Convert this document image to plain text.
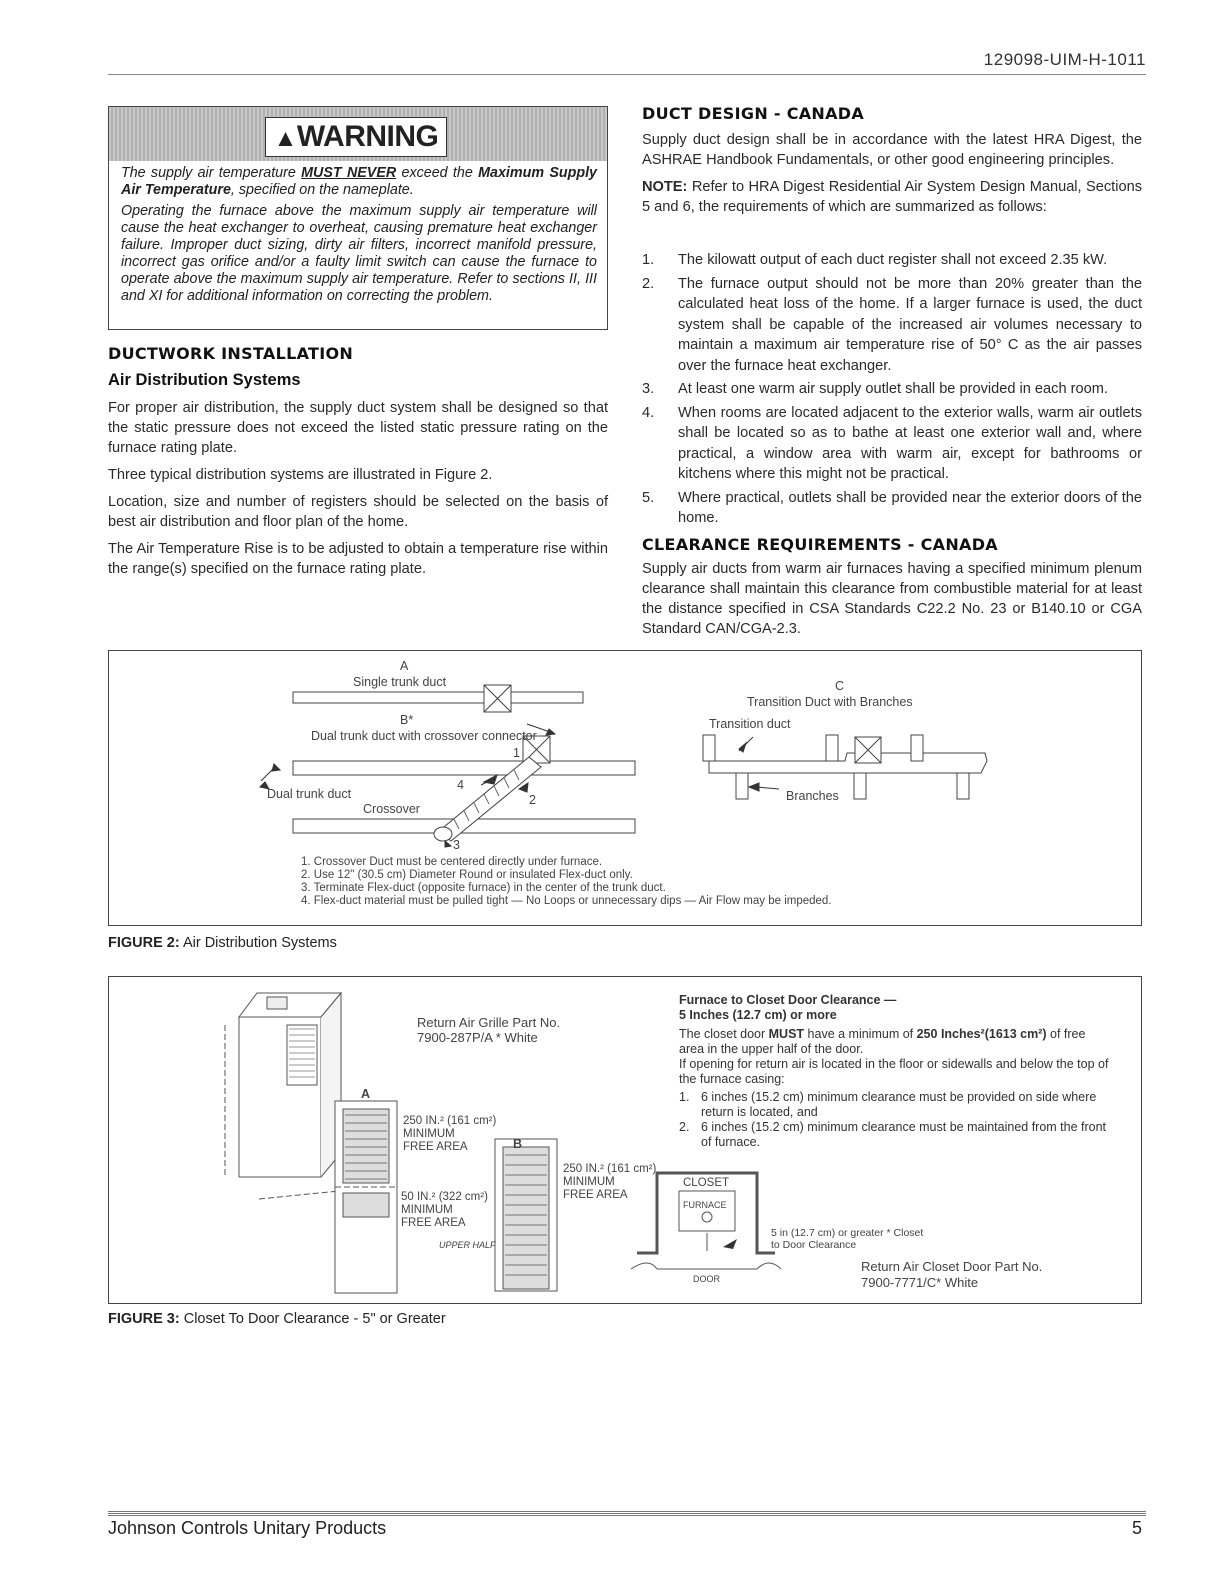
129098-UIM-H-1011
▲WARNING

The supply air temperature MUST NEVER exceed the Maximum Supply Air Temperature, specified on the nameplate.

Operating the furnace above the maximum supply air temperature will cause the heat exchanger to overheat, causing premature heat exchanger failure. Improper duct sizing, dirty air filters, incorrect manifold pressure, incorrect gas orifice and/or a faulty limit switch can cause the furnace to operate above the maximum supply air temperature. Refer to sections II, III and XI for additional information on correcting the problem.

DUCTWORK INSTALLATION
Air Distribution Systems

For proper air distribution, the supply duct system shall be designed so that the static pressure does not exceed the listed static pressure rating on the furnace rating plate.

Three typical distribution systems are illustrated in Figure 2.

Location, size and number of registers should be selected on the basis of best air distribution and floor plan of the home.

The Air Temperature Rise is to be adjusted to obtain a temperature rise within the range(s) specified on the furnace rating plate.

DUCT DESIGN - CANADA

Supply duct design shall be in accordance with the latest HRA Digest, the ASHRAE Handbook Fundamentals, or other good engineering principles.

NOTE: Refer to HRA Digest Residential Air System Design Manual, Sections 5 and 6, the requirements of which are summarized as follows:

1. The kilowatt output of each duct register shall not exceed 2.35 kW.
2. The furnace output should not be more than 20% greater than the calculated heat loss of the home. If a larger furnace is used, the duct system shall be capable of the increased air volumes necessary to maintain a maximum air temperature rise of 50° C as the air passes over the furnace heat exchanger.
3. At least one warm air supply outlet shall be provided in each room.
4. When rooms are located adjacent to the exterior walls, warm air outlets shall be located so as to bathe at least one exterior wall and, where practical, a window area with warm air, except for bathrooms or kitchens where this might not be practical.
5. Where practical, outlets shall be provided near the exterior doors of the home.
CLEARANCE REQUIREMENTS - CANADA
Supply air ducts from warm air furnaces having a specified minimum plenum clearance shall maintain this clearance from combustible material for at least the distance specified in CSA Standards C22.2 No. 23 or B140.10 or CGA Standard CAN/CGA-2.3.
A
Single trunk duct
B*
Dual trunk duct with crossover connector
1
4
2
3
Dual trunk duct
Crossover
C
Transition Duct with Branches
Transition duct
Branches
1. Crossover Duct must be centered directly under furnace.
2. Use 12" (30.5 cm) Diameter Round or insulated Flex-duct only.
3. Terminate Flex-duct (opposite furnace) in the center of the trunk duct.
4. Flex-duct material must be pulled tight — No Loops or unnecessary dips — Air Flow may be impeded.
FIGURE 2: Air Distribution Systems
Return Air Grille Part No.
7900-287P/A * White
A
B
250 IN.² (161 cm²)
MINIMUM
FREE AREA
50 IN.² (322 cm²)
MINIMUM
FREE AREA
250 IN.² (161 cm²)
MINIMUM
FREE AREA
UPPER HALF
CLOSET
FURNACE
DOOR
5 in (12.7 cm) or greater * Closet
to Door Clearance
Return Air Closet Door Part No.
7900-7771/C* White
Furnace to Closet Door Clearance —
5 Inches (12.7 cm) or more
The closet door MUST have a minimum of 250 Inches²(1613 cm²) of free area in the upper half of the door.
If opening for return air is located in the floor or sidewalls and below the top of the furnace casing:
1. 6 inches (15.2 cm) minimum clearance must be provided on side where return is located, and
2. 6 inches (15.2 cm) minimum clearance must be maintained from the front of furnace.
FIGURE 3: Closet To Door Clearance - 5" or Greater
Johnson Controls Unitary Products	5
